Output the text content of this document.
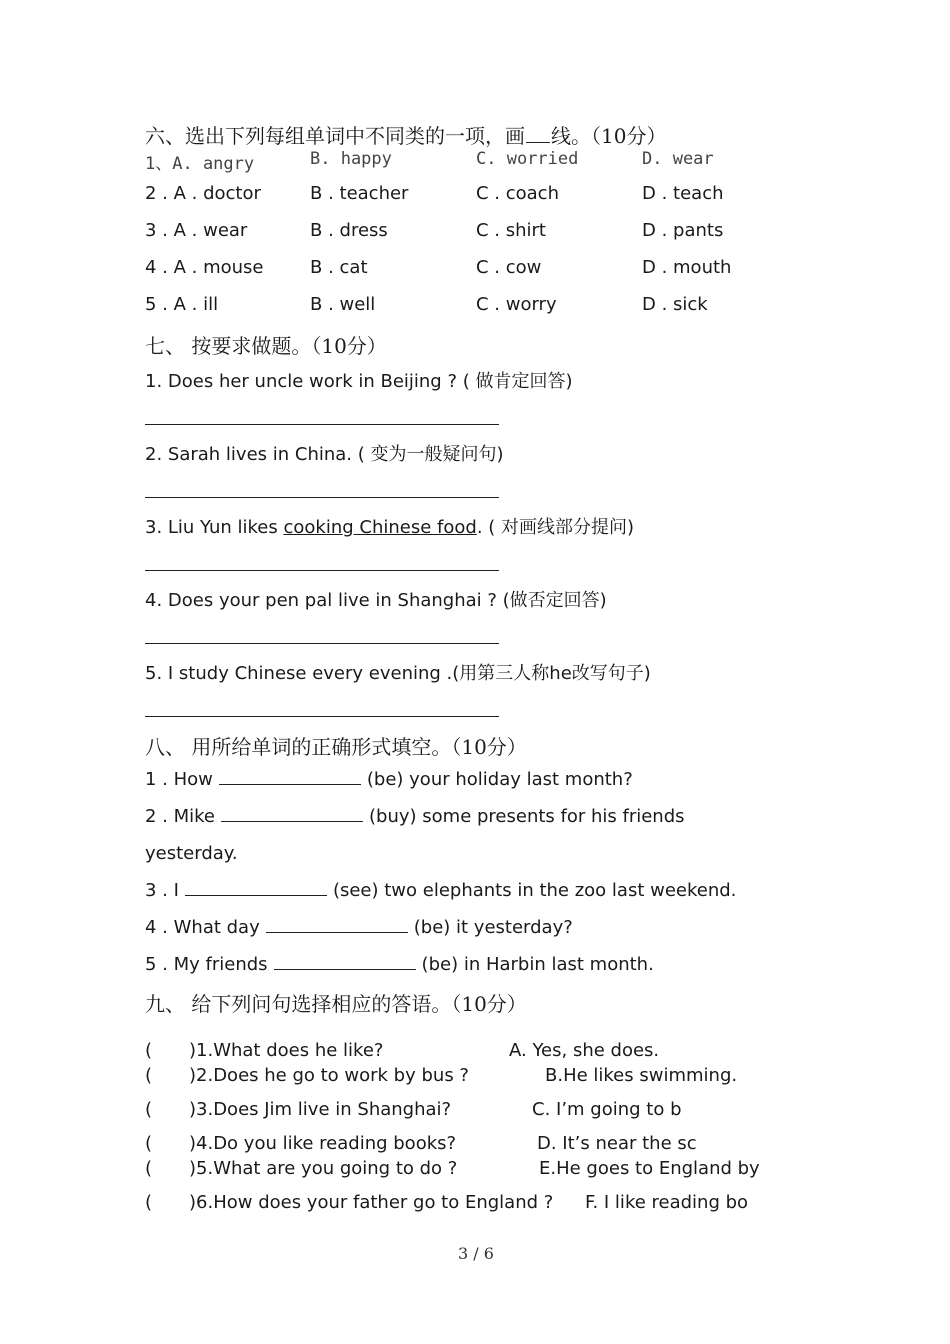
六、选出下列每组单词中不同类的一项，画 线。（10分）
1、A. angry	B. happy	C. worried	D. wear
2 . A . doctor	B . teacher	C . coach	D . teach
3 . A . wear	B . dress	C . shirt	D . pants
4 . A . mouse	B . cat	C . cow	D . mouth
5 . A . ill	B . well	C . worry	D . sick
七、 按要求做题。（10分）
1. Does her uncle work in Beijing ? ( 做肯定回答)
2. Sarah lives in China. ( 变为一般疑问句)
3. Liu Yun likes cooking Chinese food. ( 对画线部分提问)
4. Does your pen pal live in Shanghai ? (做否定回答)
5. I study Chinese every evening .(用第三人称he改写句子)
八、 用所给单词的正确形式填空。（10分）
1 . How	(be) your holiday last month?
2 . Mike	(buy) some presents for his friends
yesterday.
3 . I	(see) two elephants in the zoo last weekend.
4 . What day	(be) it yesterday?
5 . My friends	(be) in Harbin last month.
九、 给下列问句选择相应的答语。（10分）
( )1.What does he like?	A. Yes, she does.
( )2.Does he go to work by bus ?	B.He likes swimming.
( )3.Does Jim live in Shanghai?	C. I’m going to b
( )4.Do you like reading books?	D. It’s near the sc
( )5.What are you going to do ?	E.He goes to England by
( )6.How does your father go to England ? F. I like reading bo
3 / 6
